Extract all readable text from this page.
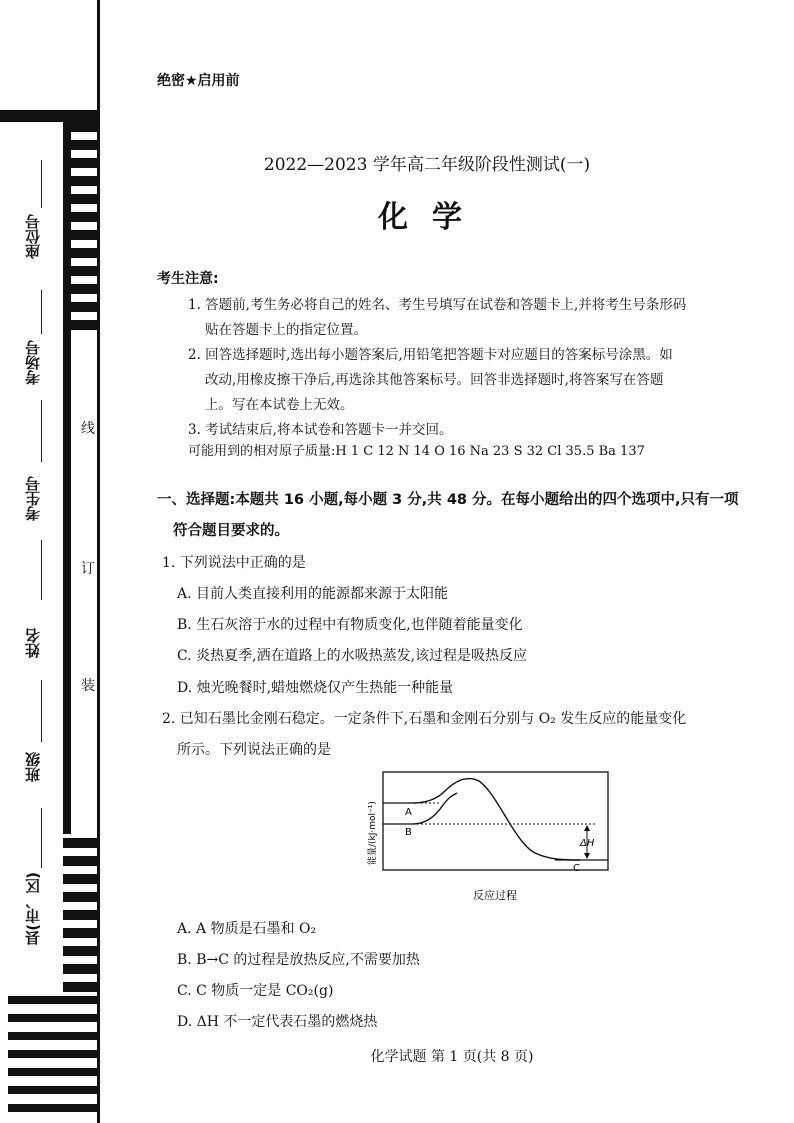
座位号
考场号
考生号
姓名
班级
县(市、区)
线
订
装
绝密★启用前
2022—2023 学年高二年级阶段性测试(一)
化学
考生注意:
1. 答题前,考生务必将自己的姓名、考生号填写在试卷和答题卡上,并将考生号条形码
贴在答题卡上的指定位置。
2. 回答选择题时,选出每小题答案后,用铅笔把答题卡对应题目的答案标号涂黑。如
改动,用橡皮擦干净后,再选涂其他答案标号。回答非选择题时,将答案写在答题
上。写在本试卷上无效。
3. 考试结束后,将本试卷和答题卡一并交回。
可能用到的相对原子质量:H 1 C 12 N 14 O 16 Na 23 S 32 Cl 35.5 Ba 137
一、选择题:本题共 16 小题,每小题 3 分,共 48 分。在每小题给出的四个选项中,只有一项
符合题目要求的。
1. 下列说法中正确的是
A. 目前人类直接利用的能源都来源于太阳能
B. 生石灰溶于水的过程中有物质变化,也伴随着能量变化
C. 炎热夏季,洒在道路上的水吸热蒸发,该过程是吸热反应
D. 烛光晚餐时,蜡烛燃烧仅产生热能一种能量
2. 已知石墨比金刚石稳定。一定条件下,石墨和金刚石分别与 O₂ 发生反应的能量变化
所示。下列说法正确的是
能量/(kJ·mol⁻¹)
反应过程
A
B
C
ΔH
A. A 物质是石墨和 O₂
B. B→C 的过程是放热反应,不需要加热
C. C 物质一定是 CO₂(g)
D. ΔH 不一定代表石墨的燃烧热
化学试题 第 1 页(共 8 页)
